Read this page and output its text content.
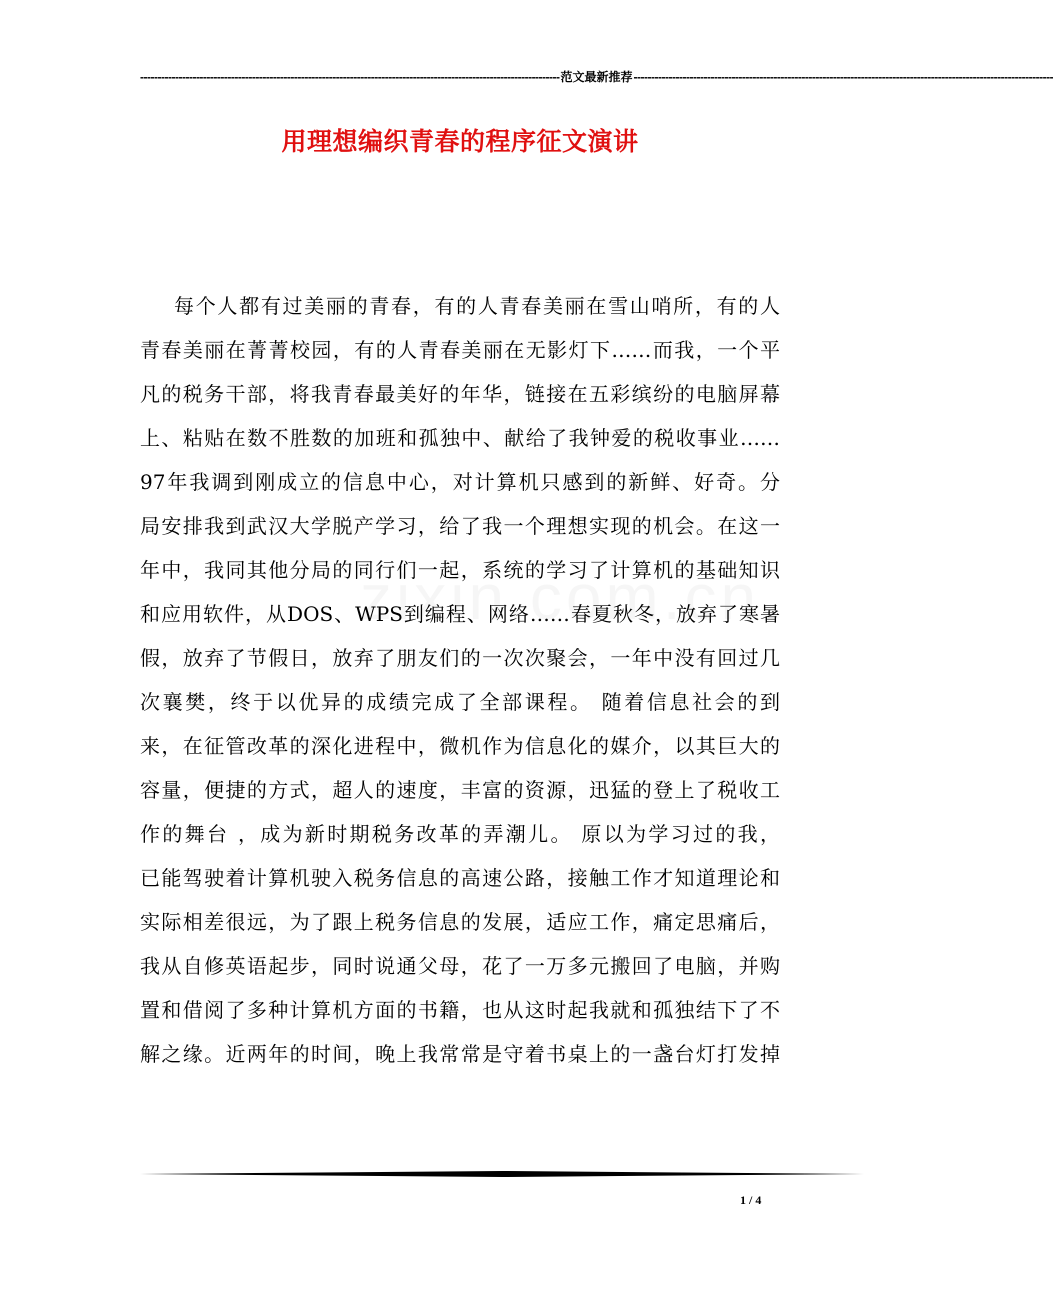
------------------------------------------------------------------------------------------------------------------------ 范文最新推荐 ------------------------------------------------------------------------------------------------------------------------
用理想编织青春的程序征文演讲
每个人都有过美丽的青春，有的人青春美丽在雪山哨所，有的人
青春美丽在菁菁校园，有的人青春美丽在无影灯下……而我，一个平
凡的税务干部，将我青春最美好的年华，链接在五彩缤纷的电脑屏幕
上、粘贴在数不胜数的加班和孤独中、献给了我钟爱的税收事业……
97年我调到刚成立的信息中心，对计算机只感到的新鲜、好奇。分
局安排我到武汉大学脱产学习，给了我一个理想实现的机会。在这一
年中，我同其他分局的同行们一起，系统的学习了计算机的基础知识
和应用软件，从DOS、WPS到编程、网络……春夏秋冬，放弃了寒暑
假，放弃了节假日，放弃了朋友们的一次次聚会，一年中没有回过几
次襄樊，终于以优异的成绩完成了全部课程。 随着信息社会的到
来，在征管改革的深化进程中，微机作为信息化的媒介，以其巨大的
容量，便捷的方式，超人的速度，丰富的资源，迅猛的登上了税收工
作的舞台 ，成为新时期税务改革的弄潮儿。 原以为学习过的我，
已能驾驶着计算机驶入税务信息的高速公路，接触工作才知道理论和
实际相差很远，为了跟上税务信息的发展，适应工作，痛定思痛后，
我从自修英语起步，同时说通父母，花了一万多元搬回了电脑，并购
置和借阅了多种计算机方面的书籍，也从这时起我就和孤独结下了不
解之缘。近两年的时间，晚上我常常是守着书桌上的一盏台灯打发掉
1 / 4
